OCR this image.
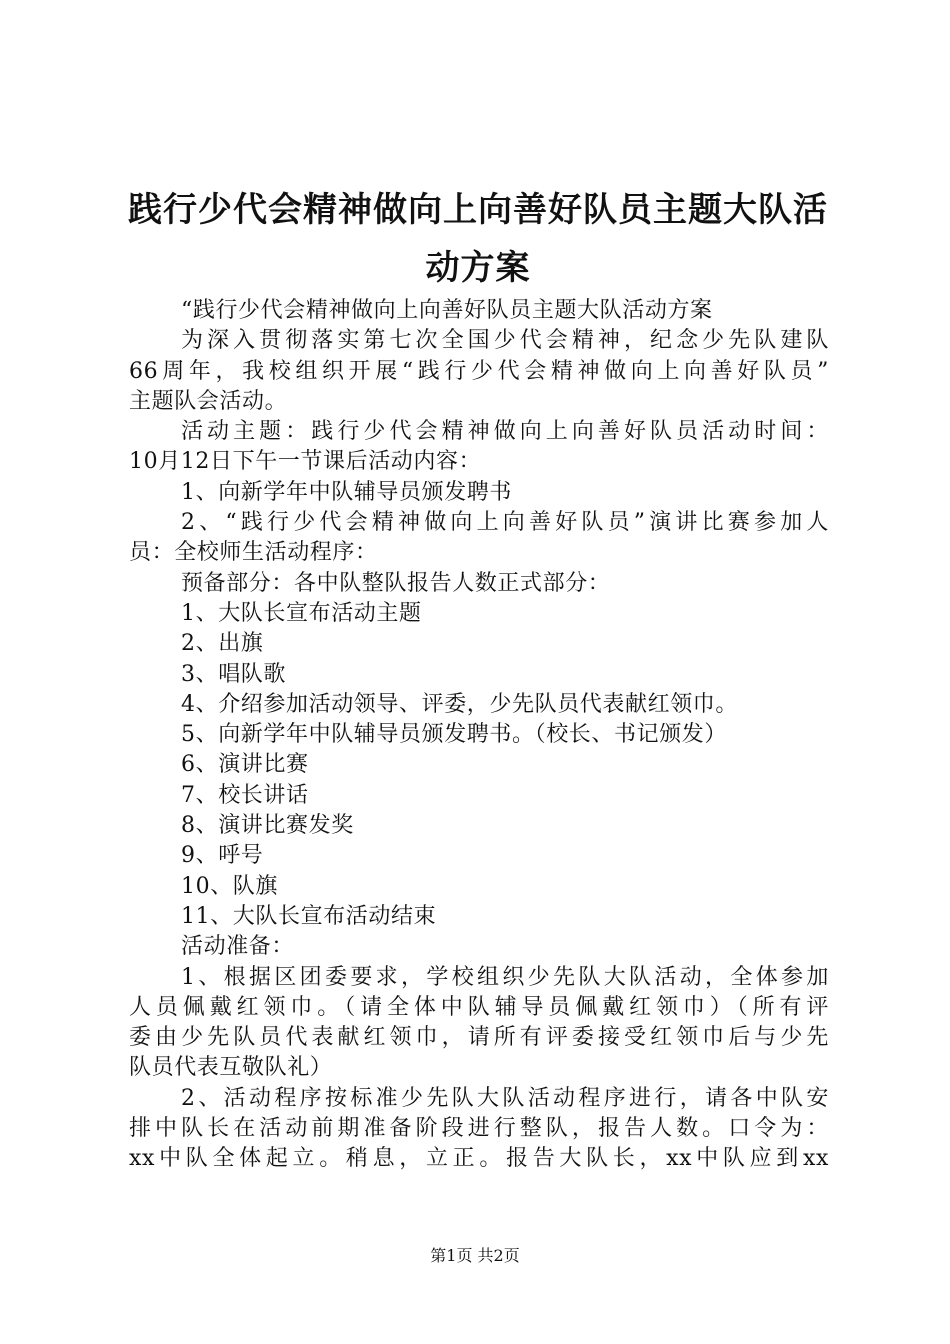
践行少代会精神做向上向善好队员主题大队活
动方案
“践行少代会精神做向上向善好队员主题大队活动方案
为深入贯彻落实第七次全国少代会精神，纪念少先队建队
66周年，我校组织开展“践行少代会精神做向上向善好队员”
主题队会活动。
活动主题：践行少代会精神做向上向善好队员活动时间：
10月12日下午一节课后活动内容：
1、向新学年中队辅导员颁发聘书
2、“践行少代会精神做向上向善好队员”演讲比赛参加人
员：全校师生活动程序：
预备部分：各中队整队报告人数正式部分：
1、大队长宣布活动主题
2、出旗
3、唱队歌
4、介绍参加活动领导、评委，少先队员代表献红领巾。
5、向新学年中队辅导员颁发聘书。（校长、书记颁发）
6、演讲比赛
7、校长讲话
8、演讲比赛发奖
9、呼号
10、队旗
11、大队长宣布活动结束
活动准备：
1、根据区团委要求，学校组织少先队大队活动，全体参加
人员佩戴红领巾。（请全体中队辅导员佩戴红领巾）（所有评
委由少先队员代表献红领巾，请所有评委接受红领巾后与少先
队员代表互敬队礼）
2、活动程序按标准少先队大队活动程序进行，请各中队安
排中队长在活动前期准备阶段进行整队，报告人数。口令为：
xx中队全体起立。稍息，立正。报告大队长，xx中队应到xx
第1页 共2页
